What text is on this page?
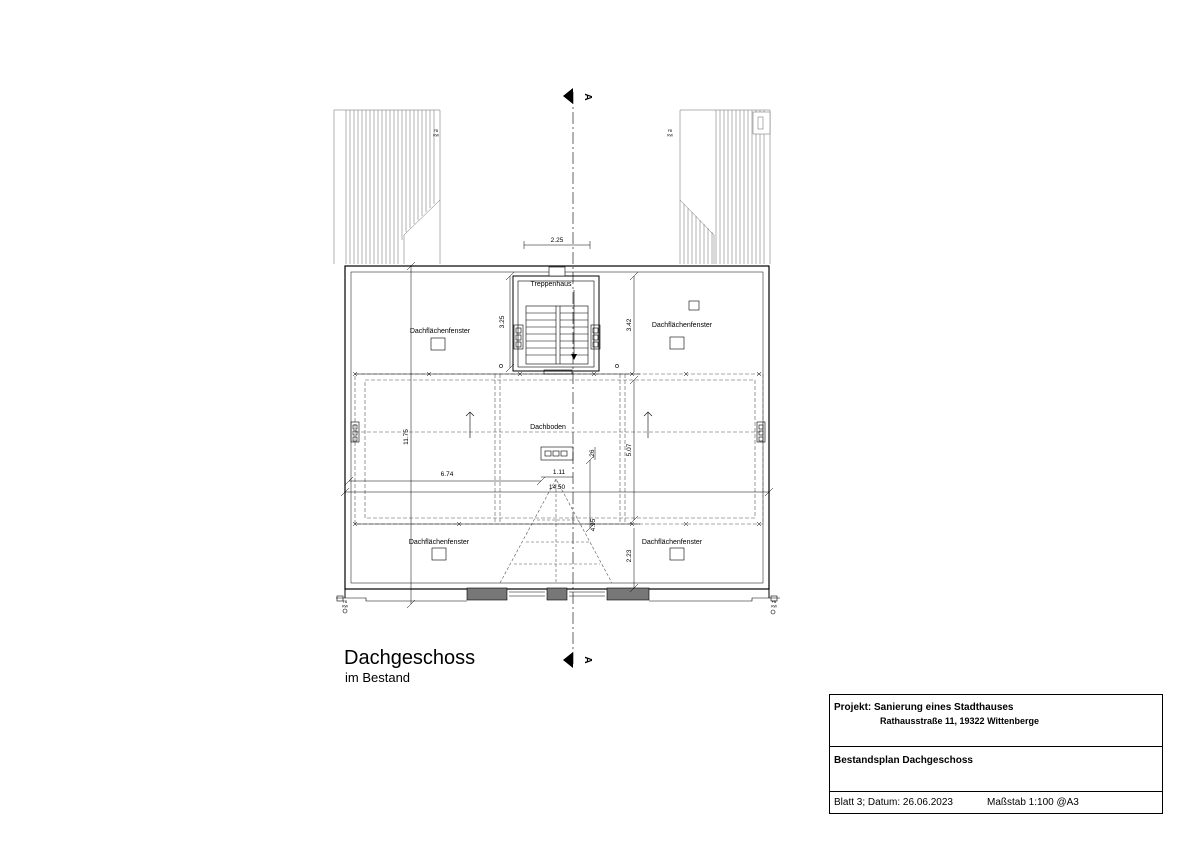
A
A
Treppenhaus
Dachboden
Dachflächenfenster
Dachflächenfenster
Dachflächenfenster	Dachflächenfenster
2.25
3.25	3.42
11.75
5.07
4.95
2.23
6.74	1.11
14.50
.26
Dachgeschoss
im Bestand
FB
RW
FB
RW
FB
RW
FB
RW
Projekt: Sanierung eines Stadthauses
Rathausstraße 11, 19322 Wittenberge
Bestandsplan Dachgeschoss
Blatt 3; Datum: 26.06.2023	Maßstab 1:100 @A3
